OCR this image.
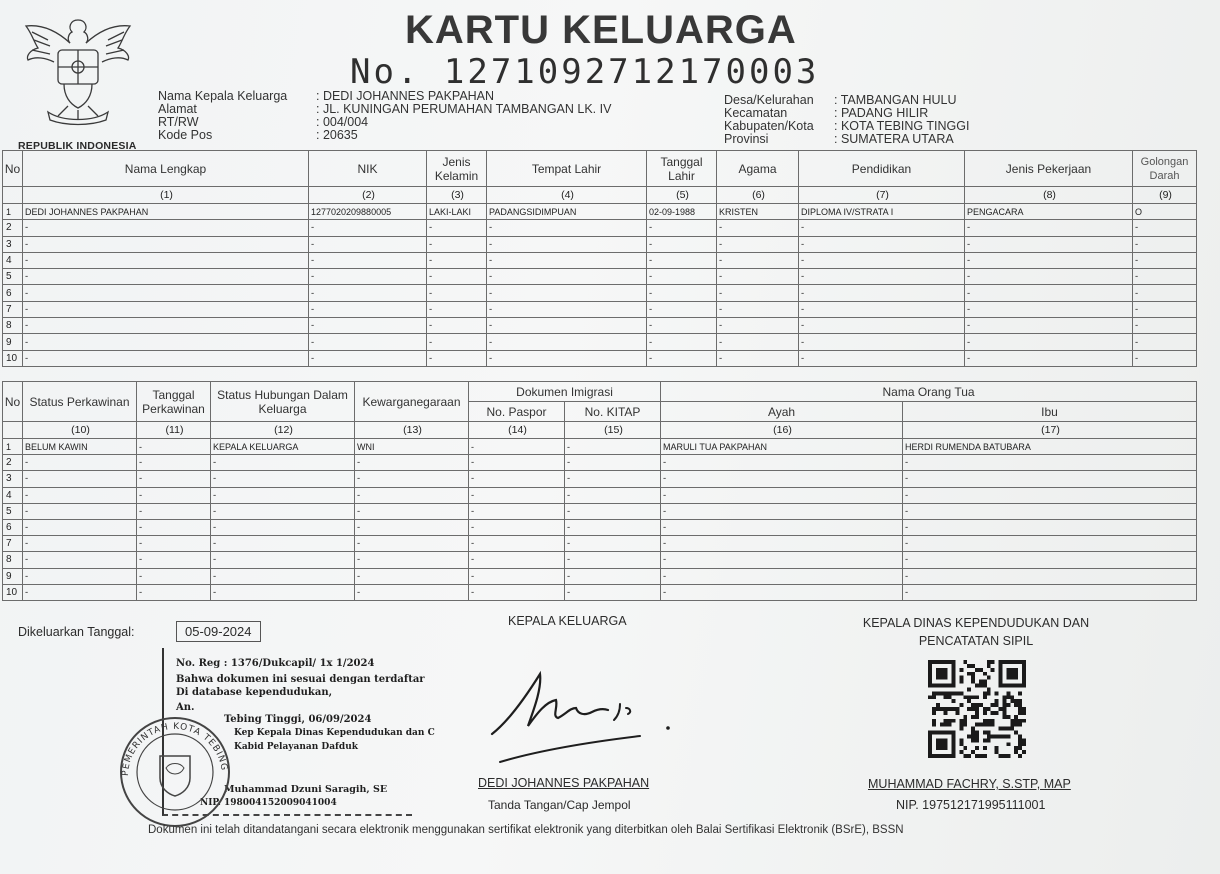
REPUBLIK INDONESIA
KARTU KELUARGA
No. 1271092712170003
Nama Kepala Keluarga	: DEDI JOHANNES PAKPAHAN
Alamat	: JL. KUNINGAN PERUMAHAN TAMBANGAN LK. IV
RT/RW	: 004/004
Kode Pos	: 20635
Desa/Kelurahan	: TAMBANGAN HULU
Kecamatan	: PADANG HILIR
Kabupaten/Kota	: KOTA TEBING TINGGI
Provinsi	: SUMATERA UTARA
No	Nama Lengkap	NIK	Jenis Kelamin	Tempat Lahir	Tanggal Lahir	Agama	Pendidikan	Jenis Pekerjaan	Golongan Darah
	(1)	(2)	(3)	(4)	(5)	(6)	(7)	(8)	(9)
1	DEDI JOHANNES PAKPAHAN	1277020209880005	LAKI-LAKI	PADANGSIDIMPUAN	02-09-1988	KRISTEN	DIPLOMA IV/STRATA I	PENGACARA	O
2	-	-	-	-	-	-	-	-	-
3	-	-	-	-	-	-	-	-	-
4	-	-	-	-	-	-	-	-	-
5	-	-	-	-	-	-	-	-	-
6	-	-	-	-	-	-	-	-	-
7	-	-	-	-	-	-	-	-	-
8	-	-	-	-	-	-	-	-	-
9	-	-	-	-	-	-	-	-	-
10	-	-	-	-	-	-	-	-	-
No	Status Perkawinan	Tanggal Perkawinan	Status Hubungan Dalam Keluarga	Kewarganegaraan	Dokumen Imigrasi		Nama Orang Tua	
					No. Paspor	No. KITAP	Ayah	Ibu
	(10)	(11)	(12)	(13)	(14)	(15)	(16)	(17)
1	BELUM KAWIN	-	KEPALA KELUARGA	WNI	-	-	MARULI TUA PAKPAHAN	HERDI RUMENDA BATUBARA
2	-	-	-	-	-	-	-	-
3	-	-	-	-	-	-	-	-
4	-	-	-	-	-	-	-	-
5	-	-	-	-	-	-	-	-
6	-	-	-	-	-	-	-	-
7	-	-	-	-	-	-	-	-
8	-	-	-	-	-	-	-	-
9	-	-	-	-	-	-	-	-
10	-	-	-	-	-	-	-	-
Dikeluarkan Tanggal:	05-09-2024
No. Reg : 1376/Dukcapil/ 1x 1/2024
Bahwa dokumen ini sesuai dengan terdaftar
Di database kependudukan,
An.
Tebing Tinggi, 06/09/2024
Kep Kepala Dinas Kependudukan dan C
Kabid Pelayanan Dafduk
Muhammad Dzuni Saragih, SE
NIP. 198004152009041004
PEMERINTAH KOTA TEBING
KEPALA KELUARGA
DEDI JOHANNES PAKPAHAN
Tanda Tangan/Cap Jempol
KEPALA DINAS KEPENDUDUKAN DAN PENCATATAN SIPIL
MUHAMMAD FACHRY, S.STP, MAP
NIP. 197512171995111001
Dokumen ini telah ditandatangani secara elektronik menggunakan sertifikat elektronik yang diterbitkan oleh Balai Sertifikasi Elektronik (BSrE), BSSN
